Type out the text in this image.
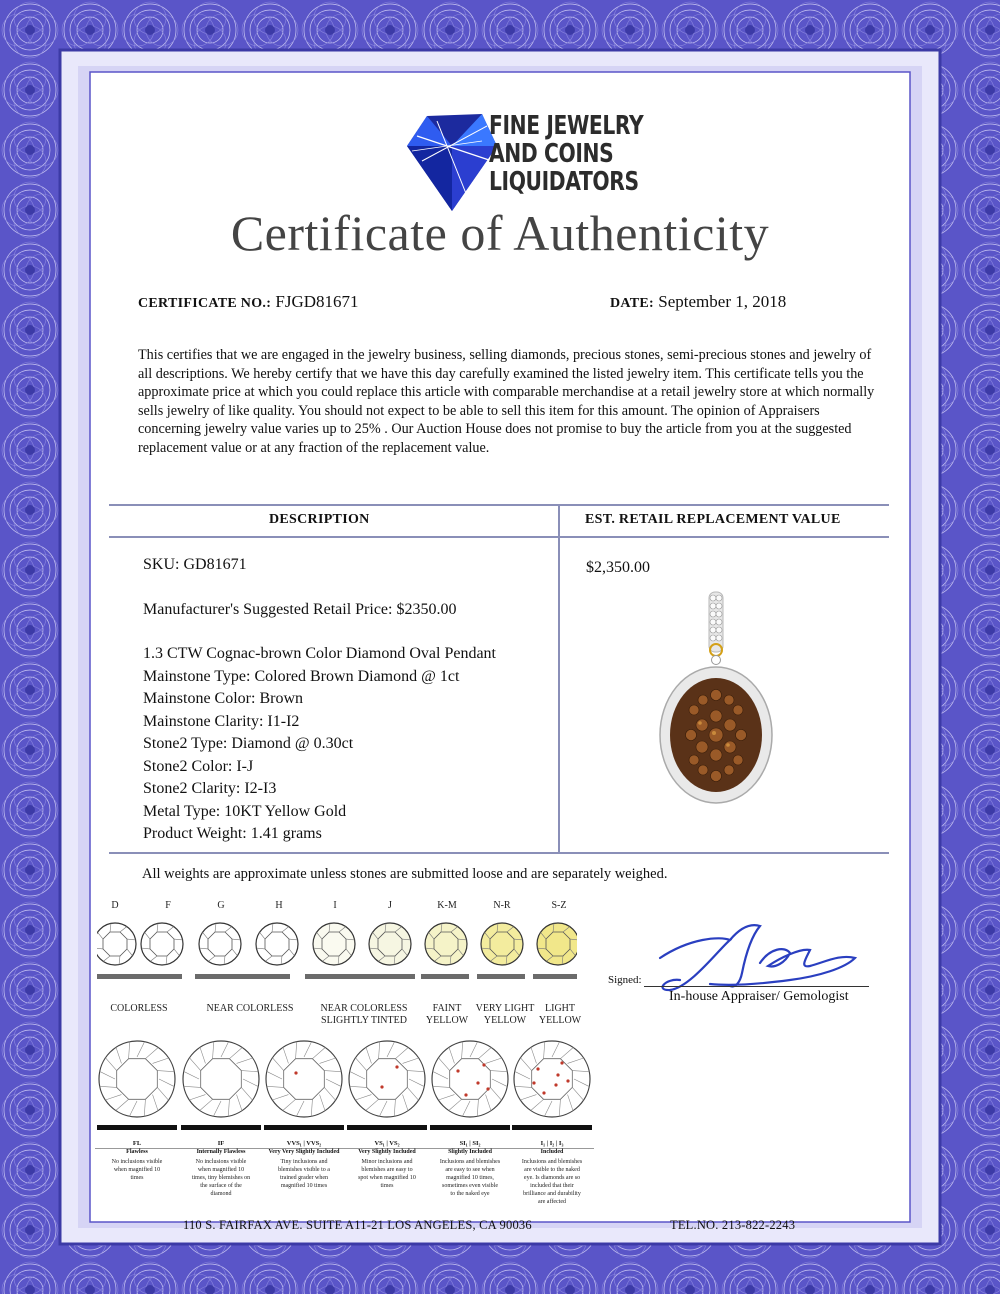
FINE JEWELRY
AND COINS
LIQUIDATORS
Certificate of Authenticity
CERTIFICATE NO.: FJGD81671	DATE: September 1, 2018
This certifies that we are engaged in the jewelry business, selling diamonds, precious stones, semi-precious stones and jewelry of all descriptions. We hereby certify that we have this day carefully examined the listed jewelry item. This certificate tells you the approximate price at which you could replace this article with comparable merchandise at a retail jewelry store at which normally sells jewelry of like quality. You should not expect to be able to sell this item for this amount. The opinion of Appraisers concerning jewelry value varies up to 25% . Our Auction House does not promise to buy the article from you at the suggested replacement value or at any fraction of the replacement value.
DESCRIPTION	EST. RETAIL REPLACEMENT VALUE
SKU: GD81671
Manufacturer's Suggested Retail Price: $2350.00
1.3 CTW Cognac-brown Color Diamond Oval Pendant
Mainstone Type: Colored Brown Diamond @ 1ct
Mainstone Color: Brown
Mainstone Clarity: I1-I2
Stone2 Type: Diamond @ 0.30ct
Stone2 Color: I-J
Stone2 Clarity: I2-I3
Metal Type: 10KT Yellow Gold
Product Weight: 1.41 grams
$2,350.00
All weights are approximate unless stones are submitted loose and are separately weighed.
D	F	G	H	I	J	K-M	N-R	S-Z
COLORLESS	NEAR COLORLESS	NEAR COLORLESS
SLIGHTLY TINTED
FAINT
YELLOW
VERY LIGHT
YELLOW
LIGHT
YELLOW
FL
Flawless
No inclusions visible
when magnified 10
times
IF
Internally Flawless
No inclusions visible
when magnified 10
times, tiny blemishes on
the surface of the
diamond
VVS₁ | VVS₂
Very Very Slightly Included
Tiny inclusions and
blemishes visible to a
trained grader when
magnified 10 times
VS₁ | VS₂
Very Slightly Included
Minor inclusions and
blemishes are easy to
spot when magnified 10
times
SI₁ | SI₂
Slightly Included
Inclusions and blemishes
are easy to see when
magnified 10 times,
sometimes even visible
to the naked eye
I₁ | I₂ | I₃
Included
Inclusions and blemishes
are visible to the naked
eye. Is diamonds are so
included that their
brilliance and durability
are affected
Signed:
In-house Appraiser/ Gemologist
110 S. FAIRFAX AVE. SUITE A11-21 LOS ANGELES, CA 90036	TEL.NO. 213-822-2243
